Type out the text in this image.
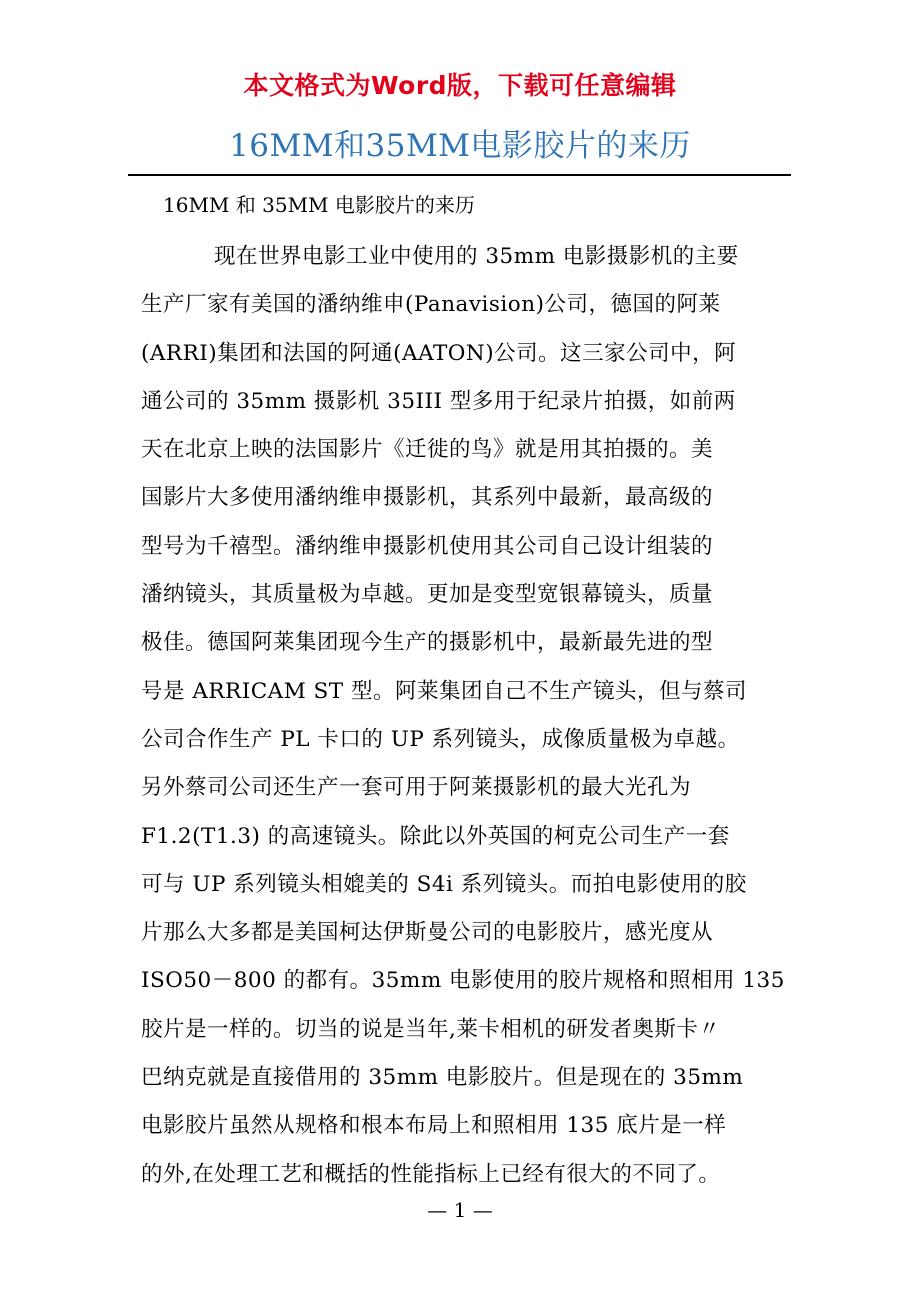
本文格式为Word版，下载可任意编辑
16MM和35MM电影胶片的来历
16MM 和 35MM 电影胶片的来历
现在世界电影工业中使用的 35mm 电影摄影机的主要
生产厂家有美国的潘纳维申(Panavision)公司，德国的阿莱
(ARRI)集团和法国的阿通(AATON)公司。这三家公司中，阿
通公司的 35mm 摄影机 35III 型多用于纪录片拍摄，如前两
天在北京上映的法国影片《迁徙的鸟》就是用其拍摄的。美
国影片大多使用潘纳维申摄影机，其系列中最新，最高级的
型号为千禧型。潘纳维申摄影机使用其公司自己设计组装的
潘纳镜头，其质量极为卓越。更加是变型宽银幕镜头，质量
极佳。德国阿莱集团现今生产的摄影机中，最新最先进的型
号是 ARRICAM ST 型。阿莱集团自己不生产镜头，但与蔡司
公司合作生产 PL 卡口的 UP 系列镜头，成像质量极为卓越。
另外蔡司公司还生产一套可用于阿莱摄影机的最大光孔为
F1.2(T1.3) 的高速镜头。除此以外英国的柯克公司生产一套
可与 UP 系列镜头相媲美的 S4i 系列镜头。而拍电影使用的胶
片那么大多都是美国柯达伊斯曼公司的电影胶片，感光度从
ISO50－800 的都有。35mm 电影使用的胶片规格和照相用 135
胶片是一样的。切当的说是当年,莱卡相机的研发者奥斯卡〃
巴纳克就是直接借用的 35mm 电影胶片。但是现在的 35mm
电影胶片虽然从规格和根本布局上和照相用 135 底片是一样
的外,在处理工艺和概括的性能指标上已经有很大的不同了。
— 1 —
